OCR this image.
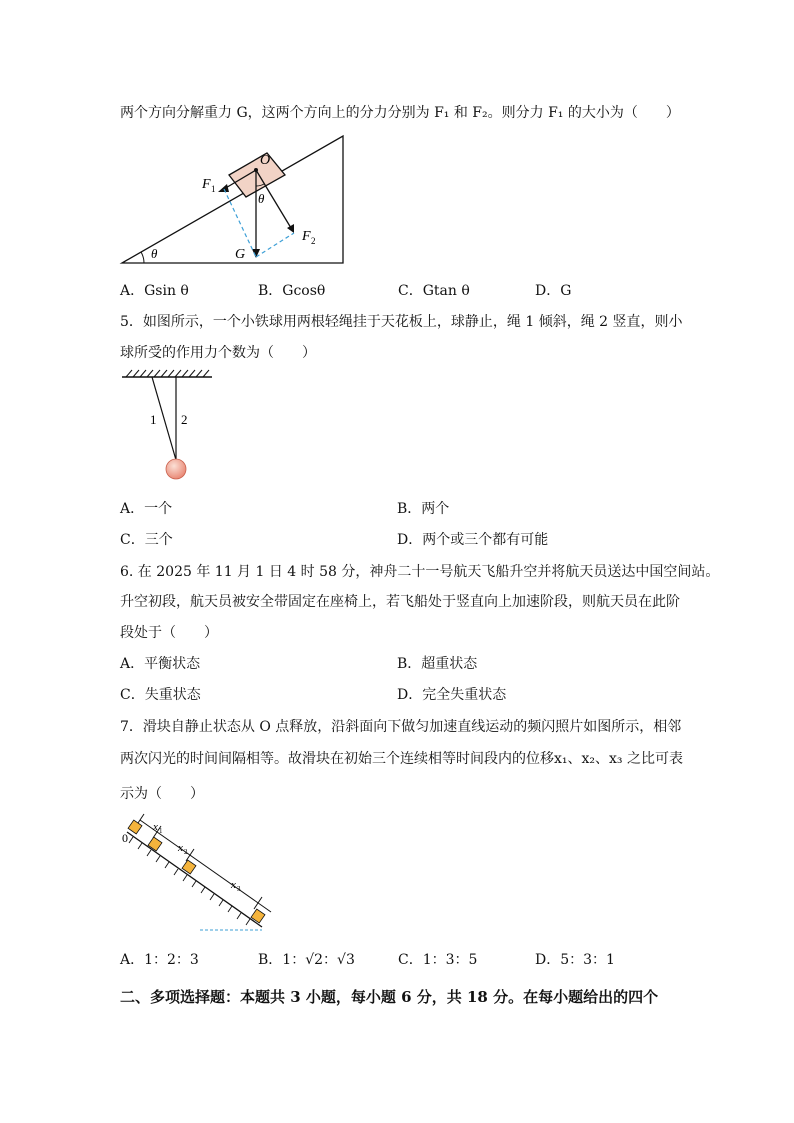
两个方向分解重力 G，这两个方向上的分力分别为 F₁ 和 F₂。则分力 F₁ 的大小为（　　）
O
F 1
F 2
G
θ
θ
A．Gsin θ	B．Gcosθ	C．Gtan θ	D．G
5．如图所示，一个小铁球用两根轻绳挂于天花板上，球静止，绳 1 倾斜，绳 2 竖直，则小
球所受的作用力个数为（　　）
1 2
A．一个	B．两个
C．三个	D．两个或三个都有可能
6. 在 2025 年 11 月 1 日 4 时 58 分，神舟二十一号航天飞船升空并将航天员送达中国空间站。
升空初段，航天员被安全带固定在座椅上，若飞船处于竖直向上加速阶段，则航天员在此阶
段处于（　　）
A．平衡状态	B．超重状态
C．失重状态	D．完全失重状态
7．滑块自静止状态从 O 点释放，沿斜面向下做匀加速直线运动的频闪照片如图所示，相邻
两次闪光的时间间隔相等。故滑块在初始三个连续相等时间段内的位移x₁、x₂、x₃ 之比可表
示为（　　）
0
x 1
x 2
x 3
A．1：2：3	B．1：√2：√3	C．1：3：5	D．5：3：1
二、多项选择题：本题共 3 小题，每小题 6 分，共 18 分。在每小题给出的四个
